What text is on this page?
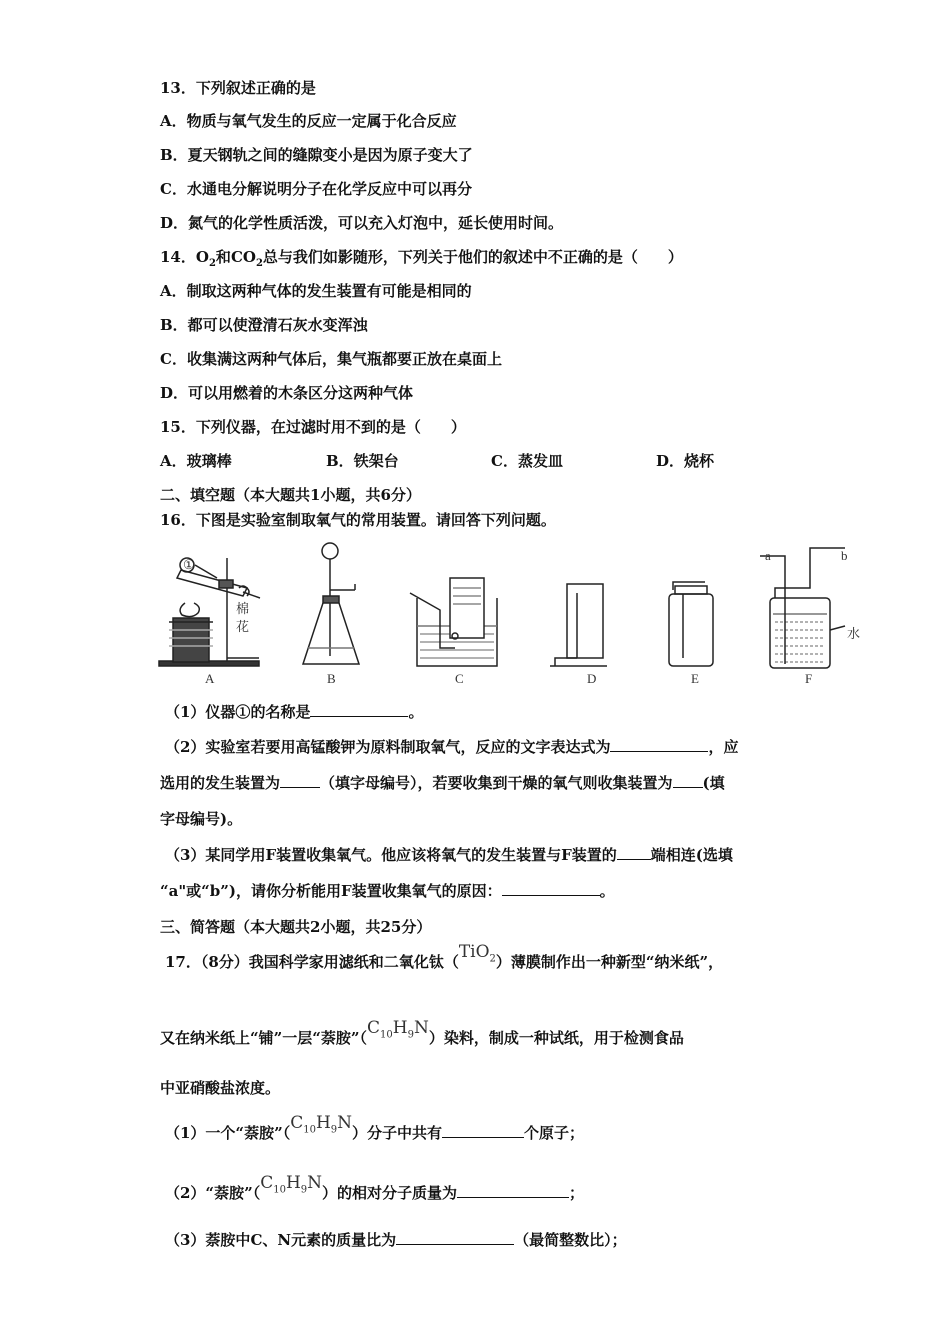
13．下列叙述正确的是
A．物质与氧气发生的反应一定属于化合反应
B．夏天钢轨之间的缝隙变小是因为原子变大了
C．水通电分解说明分子在化学反应中可以再分
D．氮气的化学性质活泼，可以充入灯泡中，延长使用时间。
14．$O_2$和$CO_2$总与我们如影随形，下列关于他们的叙述中不正确的是（　　）
A．制取这两种气体的发生装置有可能是相同的
B．都可以使澄清石灰水变浑浊
C．收集满这两种气体后，集气瓶都要正放在桌面上
D．可以用燃着的木条区分这两种气体
15．下列仪器，在过滤时用不到的是（　　）
A．玻璃棒	B．铁架台	C．蒸发皿	D．烧杯
二、填空题（本大题共1小题，共6分）
16．下图是实验室制取氧气的常用装置。请回答下列问题。
①
棉
花
a	b
水
A	B	C	D	E	F
（1）仪器①的名称是	。
（2）实验室若要用高锰酸钾为原料制取氧气，反应的文字表达式为	，应
选用的发生装置为	（填字母编号），若要收集到干燥的氧气则收集装置为 (填
字母编号)。
（3）某同学用F装置收集氧气。他应该将氧气的发生装置与F装置的 端相连(选填
“a"或“b”)，请你分析能用F装置收集氧气的原因：	。
三、简答题（本大题共2小题，共25分）
17．（8分）我国科学家用滤纸和二氧化钛（TiO$_2$）薄膜制作出一种新型“纳米纸”，
又在纳米纸上“铺”一层“萘胺$”(C_{10}H_9N)$染料，制成一种试纸，用于检测食品
中亚硝酸盐浓度。
（1）一个“萘胺$”(C_{10}H_9N)$分子中共有	个原子；
（2）“萘胺$”(C_{10}H_9N)$的相对分子质量为	；
（3）萘胺中C、N元素的质量比为	（最简整数比）；
